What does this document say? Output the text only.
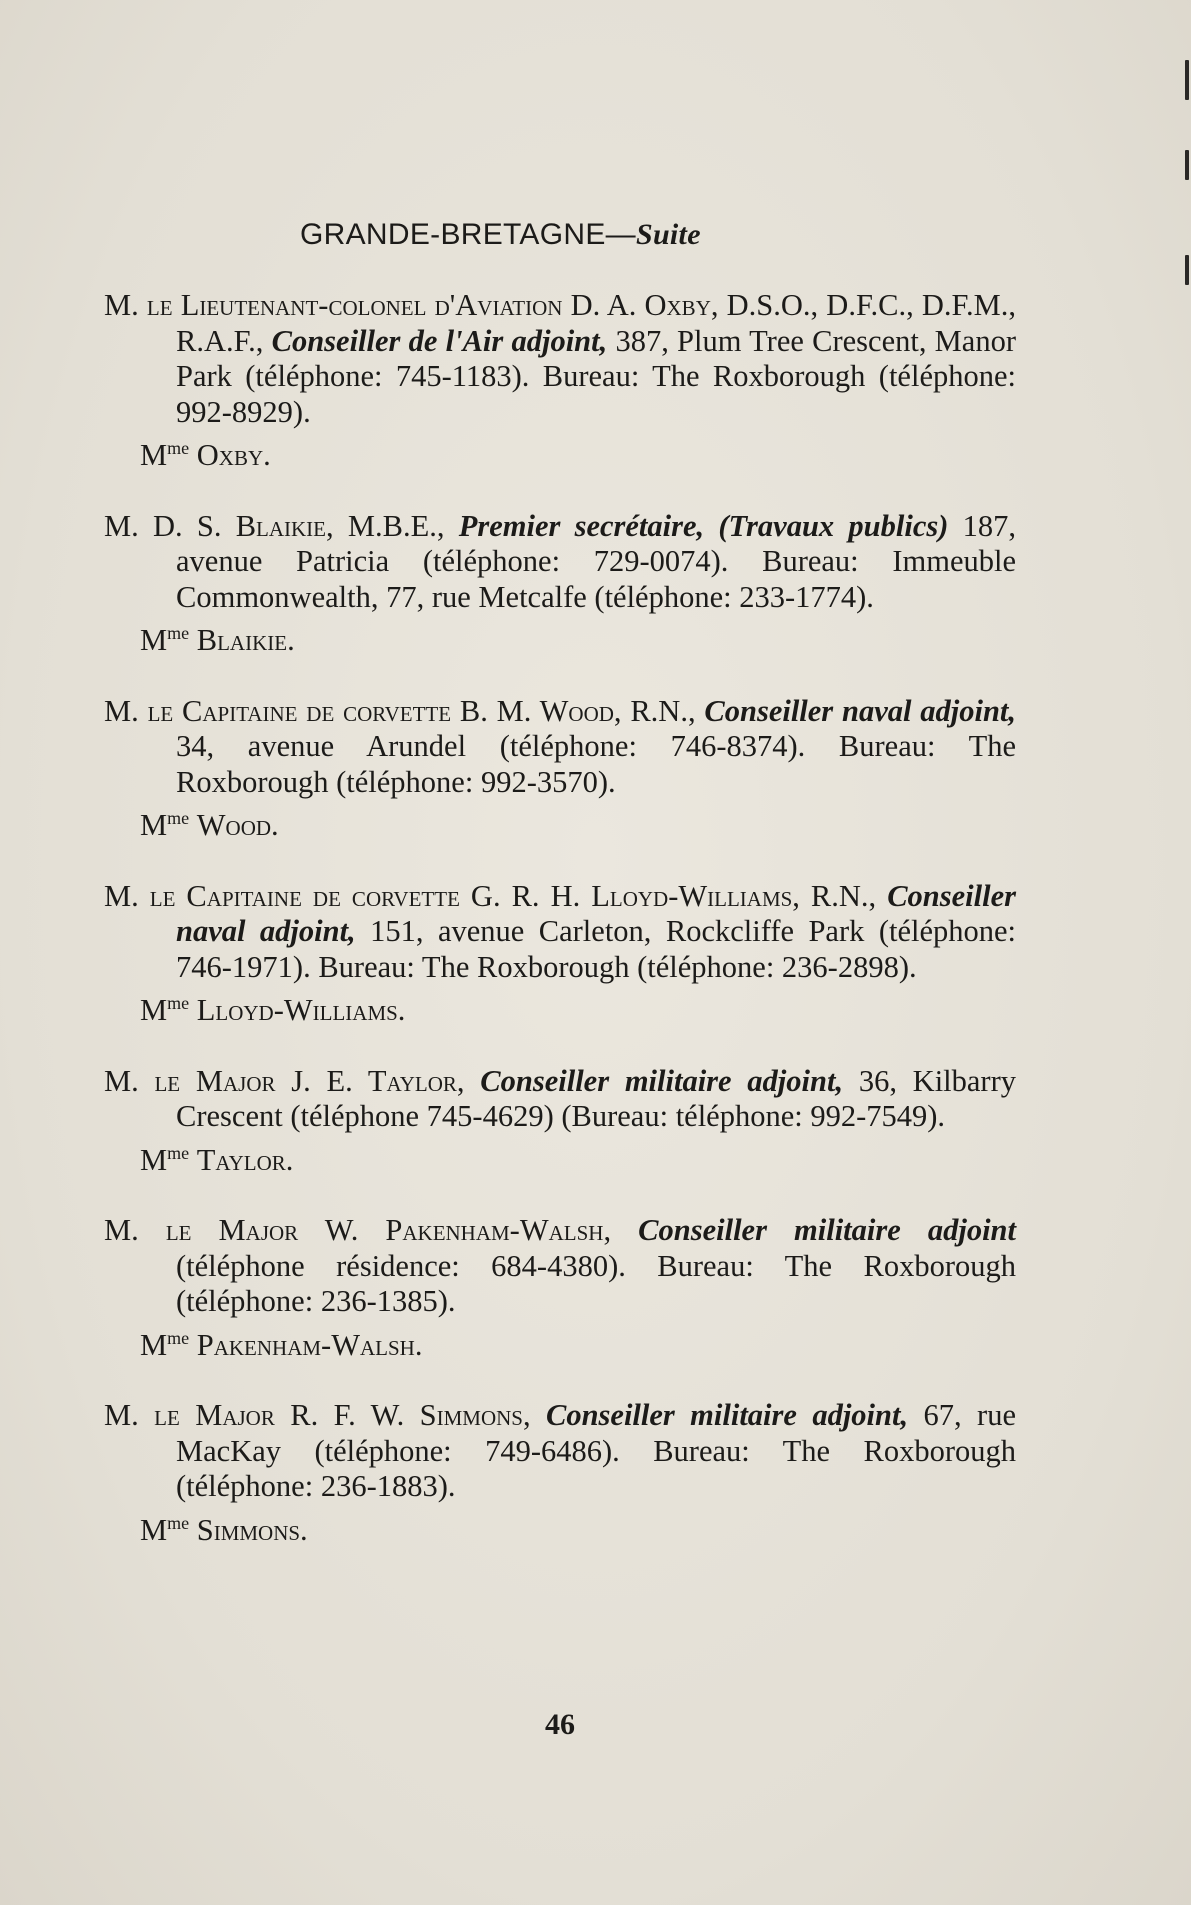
GRANDE-BRETAGNE—Suite

M. le Lieutenant-colonel d'Aviation D. A. Oxby, D.S.O., D.F.C., D.F.M., R.A.F., Conseiller de l'Air adjoint, 387, Plum Tree Crescent, Manor Park (téléphone: 745-1183). Bureau: The Roxborough (téléphone: 992-8929).

$M^{me}$ Oxby.

M. D. S. Blaikie, M.B.E., Premier secrétaire, (Travaux publics) 187, avenue Patricia (téléphone: 729-0074). Bureau: Immeuble Commonwealth, 77, rue Metcalfe (téléphone: 233-1774).

$M^{me}$ Blaikie.

M. le Capitaine de corvette B. M. Wood, R.N., Conseiller naval adjoint, 34, avenue Arundel (téléphone: 746-8374). Bureau: The Roxborough (téléphone: 992-3570).

$M^{me}$ Wood.

M. le Capitaine de corvette G. R. H. Lloyd-Williams, R.N., Conseiller naval adjoint, 151, avenue Carleton, Rockcliffe Park (téléphone: 746-1971). Bureau: The Roxborough (téléphone: 236-2898).

$M^{me}$ Lloyd-Williams.

M. le Major J. E. Taylor, Conseiller militaire adjoint, 36, Kilbarry Crescent (téléphone 745-4629) (Bureau: téléphone: 992-7549).

$M^{me}$ Taylor.

M. le Major W. Pakenham-Walsh, Conseiller militaire adjoint (téléphone résidence: 684-4380). Bureau: The Roxborough (téléphone: 236-1385).

$M^{me}$ Pakenham-Walsh.

M. le Major R. F. W. Simmons, Conseiller militaire adjoint, 67, rue MacKay (téléphone: 749-6486). Bureau: The Roxborough (téléphone: 236-1883).

$M^{me}$ Simmons.
46
